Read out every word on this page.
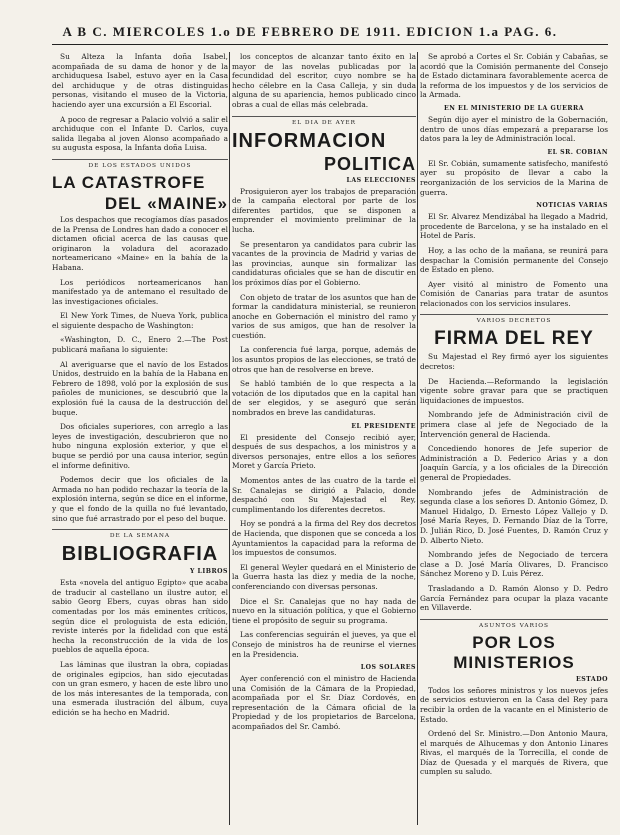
A B C. MIERCOLES 1.o DE FEBRERO DE 1911. EDICION 1.a PAG. 6.

Su Alteza la Infanta doña Isabel, acompañada de su dama de honor y de la archiduquesa Isabel, estuvo ayer en la Casa del archiduque y de otras distinguidas personas, visitando el museo de la Victoria, haciendo ayer una excursión a El Escorial.

A poco de regresar a Palacio volvió a salir el archiduque con el Infante D. Carlos, cuya salida llegaba al joven Alonso acompañado a su augusta esposa, la Infanta doña Luisa.

DE LOS ESTADOS UNIDOS
LA CATASTROFE
DEL «MAINE»

Los despachos que recogíamos días pasados de la Prensa de Londres han dado a conocer el dictamen oficial acerca de las causas que originaron la voladura del acorazado norteamericano «Maine» en la bahía de la Habana.

Los periódicos norteamericanos han manifestado ya de antemano el resultado de las investigaciones oficiales.

El New York Times, de Nueva York, publica el siguiente despacho de Washington:

«Washington, D. C., Enero 2.—The Post publicará mañana lo siguiente:

Al averiguarse que el navío de los Estados Unidos, destruido en la bahía de la Habana en Febrero de 1898, voló por la explosión de sus pañoles de municiones, se descubrió que la explosión fué la causa de la destrucción del buque.

Dos oficiales superiores, con arreglo a las leyes de investigación, descubrieron que no hubo ninguna explosión exterior, y que el buque se perdió por una causa interior, según el informe definitivo.

Podemos decir que los oficiales de la Armada no han podido rechazar la teoría de la explosión interna, según se dice en el informe, y que el fondo de la quilla no fué levantado, sino que fué arrastrado por el peso del buque.

DE LA SEMANA
BIBLIOGRAFIA
Y LIBROS

Esta «novela del antiguo Egipto» que acaba de traducir al castellano un ilustre autor, el sabio Georg Ebers, cuyas obras han sido comentadas por los más eminentes críticos, según dice el prologuista de esta edición, reviste interés por la fidelidad con que está hecha la reconstrucción de la vida de los pueblos de aquella época.

Las láminas que ilustran la obra, copiadas de originales egipcios, han sido ejecutadas con un gran esmero, y hacen de este libro uno de los más interesantes de la temporada, con una esmerada ilustración del álbum, cuya edición se ha hecho en Madrid.

los conceptos de alcanzar tanto éxito en la mayor de las novelas publicadas por la fecundidad del escritor, cuyo nombre se ha hecho célebre en la Casa Calleja, y sin duda alguna de su apariencia, hemos publicado cinco obras a cual de ellas más celebrada.

EL DIA DE AYER
INFORMACION
POLITICA
LAS ELECCIONES

Prosiguieron ayer los trabajos de preparación de la campaña electoral por parte de los diferentes partidos, que se disponen a emprender el movimiento preliminar de la lucha.

Se presentaron ya candidatos para cubrir las vacantes de la provincia de Madrid y varias de las provincias, aunque sin formalizar las candidaturas oficiales que se han de discutir en los próximos días por el Gobierno.

Con objeto de tratar de los asuntos que han de formar la candidatura ministerial, se reunieron anoche en Gobernación el ministro del ramo y varios de sus amigos, que han de resolver la cuestión.

La conferencia fué larga, porque, además de los asuntos propios de las elecciones, se trató de otros que han de resolverse en breve.

Se habló también de lo que respecta a la votación de los diputados que en la capital han de ser elegidos, y se aseguró que serán nombrados en breve las candidaturas.

EL PRESIDENTE

El presidente del Consejo recibió ayer, después de sus despachos, a los ministros y a diversos personajes, entre ellos a los señores Moret y García Prieto.

Momentos antes de las cuatro de la tarde el Sr. Canalejas se dirigió a Palacio, donde despachó con Su Majestad el Rey, cumplimentando los diferentes decretos.

Hoy se pondrá a la firma del Rey dos decretos de Hacienda, que disponen que se conceda a los Ayuntamientos la capacidad para la reforma de los impuestos de consumos.

El general Weyler quedará en el Ministerio de la Guerra hasta las diez y media de la noche, conferenciando con diversas personas.

Dice el Sr. Canalejas que no hay nada de nuevo en la situación política, y que el Gobierno tiene el propósito de seguir su programa.

Las conferencias seguirán el jueves, ya que el Consejo de ministros ha de reunirse el viernes en la Presidencia.

LOS SOLARES

Ayer conferenció con el ministro de Hacienda una Comisión de la Cámara de la Propiedad, acompañada por el Sr. Díaz Cordovés, en representación de la Cámara oficial de la Propiedad y de los propietarios de Barcelona, acompañados del Sr. Cambó.

Se aprobó a Cortes el Sr. Cobián y Cabañas, se acordó que la Comisión permanente del Consejo de Estado dictaminara favorablemente acerca de la reforma de los impuestos y de los servicios de la Armada.

EN EL MINISTERIO DE LA GUERRA

Según dijo ayer el ministro de la Gobernación, dentro de unos días empezará a prepararse los datos para la ley de Administración local.

EL SR. COBIAN

El Sr. Cobián, sumamente satisfecho, manifestó ayer su propósito de llevar a cabo la reorganización de los servicios de la Marina de guerra.

NOTICIAS VARIAS

El Sr. Alvarez Mendizábal ha llegado a Madrid, procedente de Barcelona, y se ha instalado en el Hotel de París.

Hoy, a las ocho de la mañana, se reunirá para despachar la Comisión permanente del Consejo de Estado en pleno.

Ayer visitó al ministro de Fomento una Comisión de Canarias para tratar de asuntos relacionados con los servicios insulares.

VARIOS DECRETOS
FIRMA DEL REY

Su Majestad el Rey firmó ayer los siguientes decretos:

De Hacienda.—Reformando la legislación vigente sobre gravar para que se practiquen liquidaciones de impuestos.

Nombrando jefe de Administración civil de primera clase al jefe de Negociado de la Intervención general de Hacienda.

Concediendo honores de Jefe superior de Administración a D. Federico Arias y a don Joaquín García, y a los oficiales de la Dirección general de Propiedades.

Nombrando jefes de Administración de segunda clase a los señores D. Antonio Gómez, D. Manuel Hidalgo, D. Ernesto López Vallejo y D. José María Reyes, D. Fernando Díaz de la Torre, D. Julián Rico, D. José Fuentes, D. Ramón Cruz y D. Alberto Nieto.

Nombrando jefes de Negociado de tercera clase a D. José María Olivares, D. Francisco Sánchez Moreno y D. Luis Pérez.

Trasladando a D. Ramón Alonso y D. Pedro García Fernández para ocupar la plaza vacante en Villaverde.

ASUNTOS VARIOS
POR LOS MINISTERIOS
ESTADO

Todos los señores ministros y los nuevos jefes de servicios estuvieron en la Casa del Rey para recibir la orden de la vacante en el Ministerio de Estado.

Ordenó del Sr. Ministro.—Don Antonio Maura, el marqués de Alhucemas y don Antonio Linares Rivas, el marqués de la Torrecilla, el conde de Díaz de Quesada y el marqués de Rivera, que cumplen su saludo.
